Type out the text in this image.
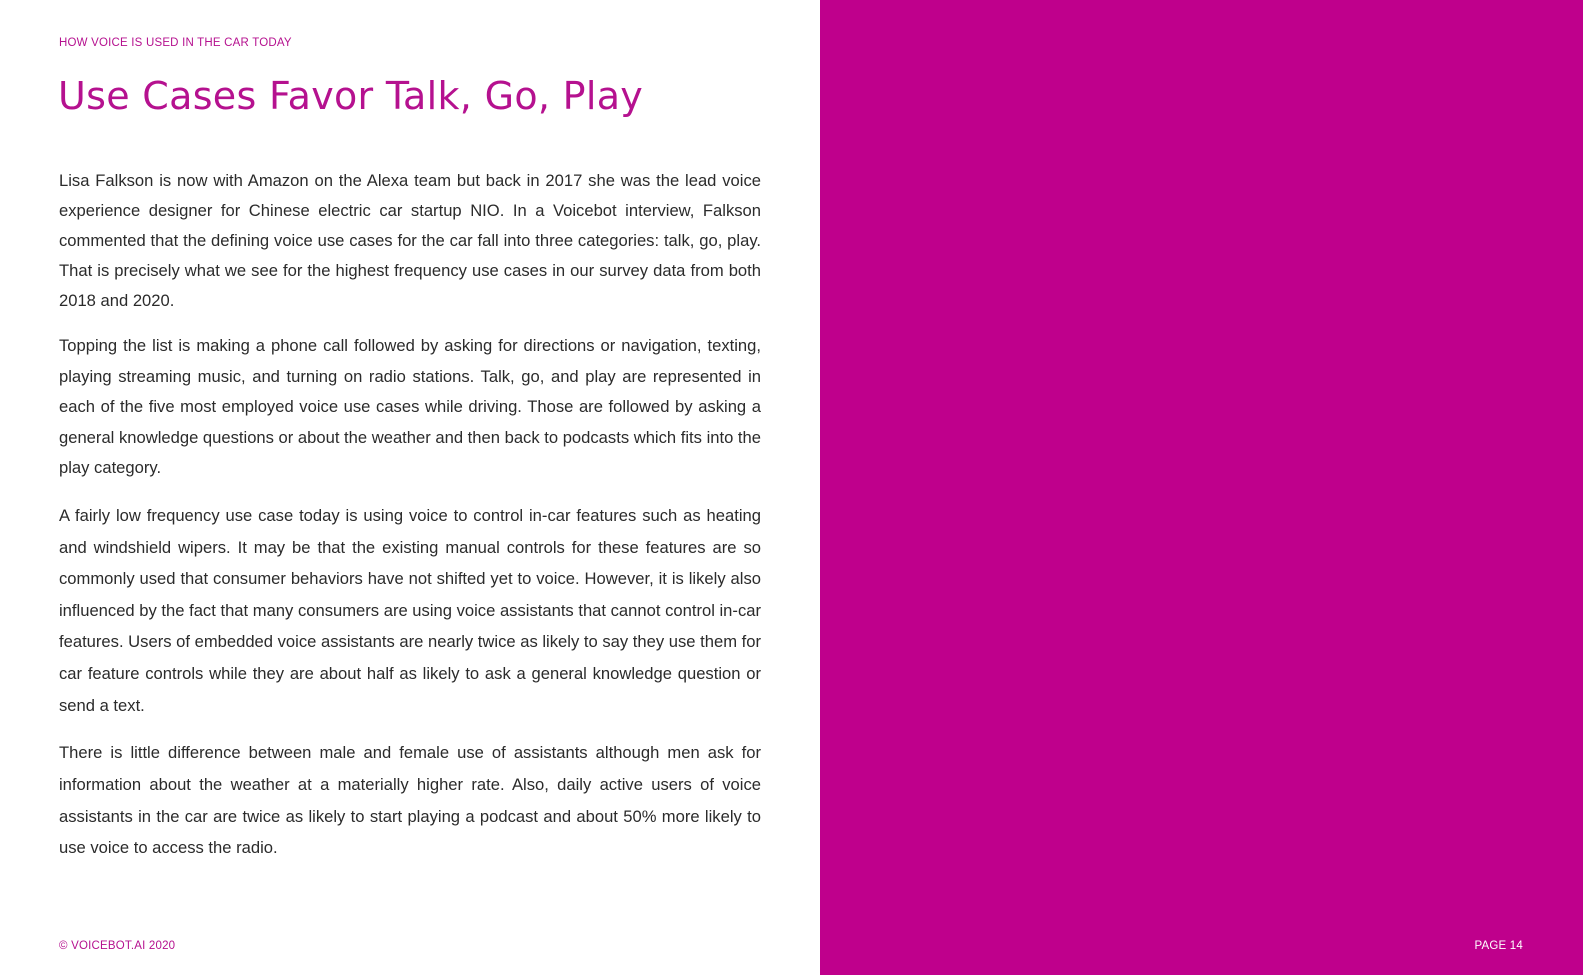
HOW VOICE IS USED IN THE CAR TODAY
Use Cases Favor Talk, Go, Play

Lisa Falkson is now with Amazon on the Alexa team but back in 2017 she was the lead voice experience designer for Chinese electric car startup NIO. In a Voicebot interview, Falkson commented that the defining voice use cases for the car fall into three categories: talk, go, play. That is precisely what we see for the highest frequency use cases in our survey data from both 2018 and 2020.

Topping the list is making a phone call followed by asking for directions or navigation, texting, playing streaming music, and turning on radio stations. Talk, go, and play are represented in each of the five most employed voice use cases while driving. Those are followed by asking a general knowledge questions or about the weather and then back to podcasts which fits into the play category.

A fairly low frequency use case today is using voice to control in-car features such as heating and windshield wipers. It may be that the existing manual controls for these features are so commonly used that consumer behaviors have not shifted yet to voice. However, it is likely also influenced by the fact that many consumers are using voice assistants that cannot control in-car features. Users of embedded voice assistants are nearly twice as likely to say they use them for car feature controls while they are about half as likely to ask a general knowledge question or send a text.

There is little difference between male and female use of assistants although men ask for information about the weather at a materially higher rate. Also, daily active users of voice assistants in the car are twice as likely to start playing a podcast and about 50% more likely to use voice to access the radio.

© VOICEBOT.AI 2020	PAGE 14
